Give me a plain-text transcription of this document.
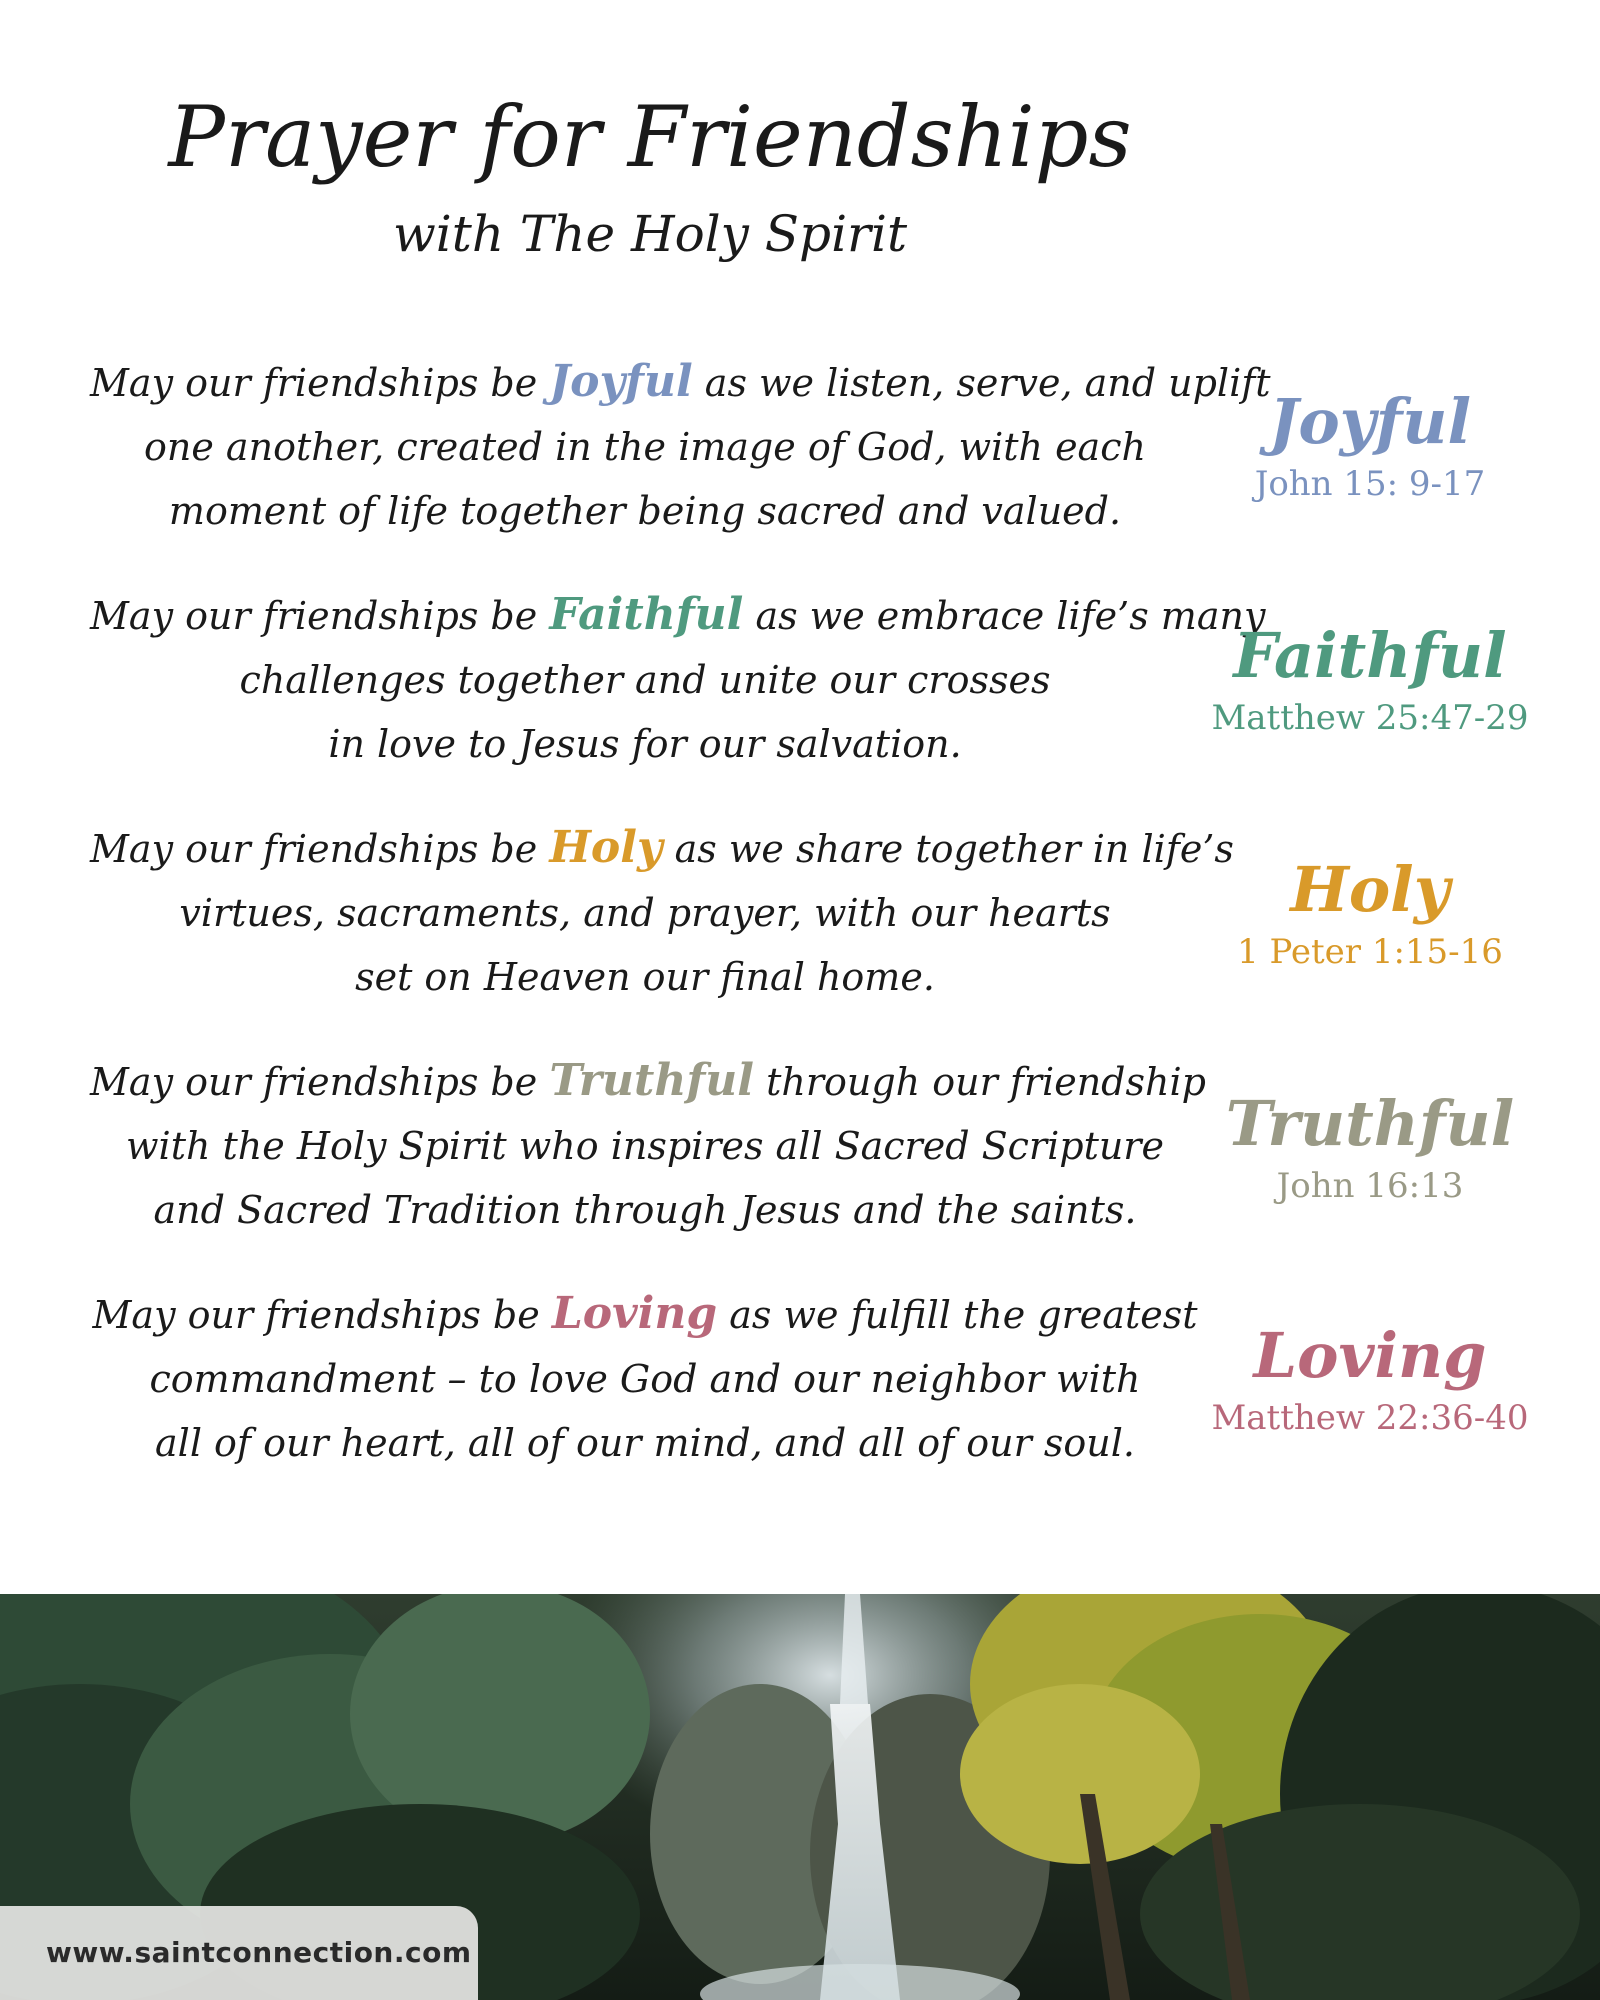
Prayer for Friendships
with The Holy Spirit
May our friendships be Joyful as we listen, serve, and uplift
one another, created in the image of God, with each
moment of life together being sacred and valued.
May our friendships be Faithful as we embrace life’s many
challenges together and unite our crosses
in love to Jesus for our salvation.
May our friendships be Holy as we share together in life’s
virtues, sacraments, and prayer, with our hearts
set on Heaven our final home.
May our friendships be Truthful through our friendship
with the Holy Spirit who inspires all Sacred Scripture
and Sacred Tradition through Jesus and the saints.
May our friendships be Loving as we fulfill the greatest
commandment – to love God and our neighbor with
all of our heart, all of our mind, and all of our soul.
Joyful
John 15: 9-17
Faithful
Matthew 25:47-29
Holy
1 Peter 1:15-16
Truthful
John 16:13
Loving
Matthew 22:36-40
www.saintconnection.com
